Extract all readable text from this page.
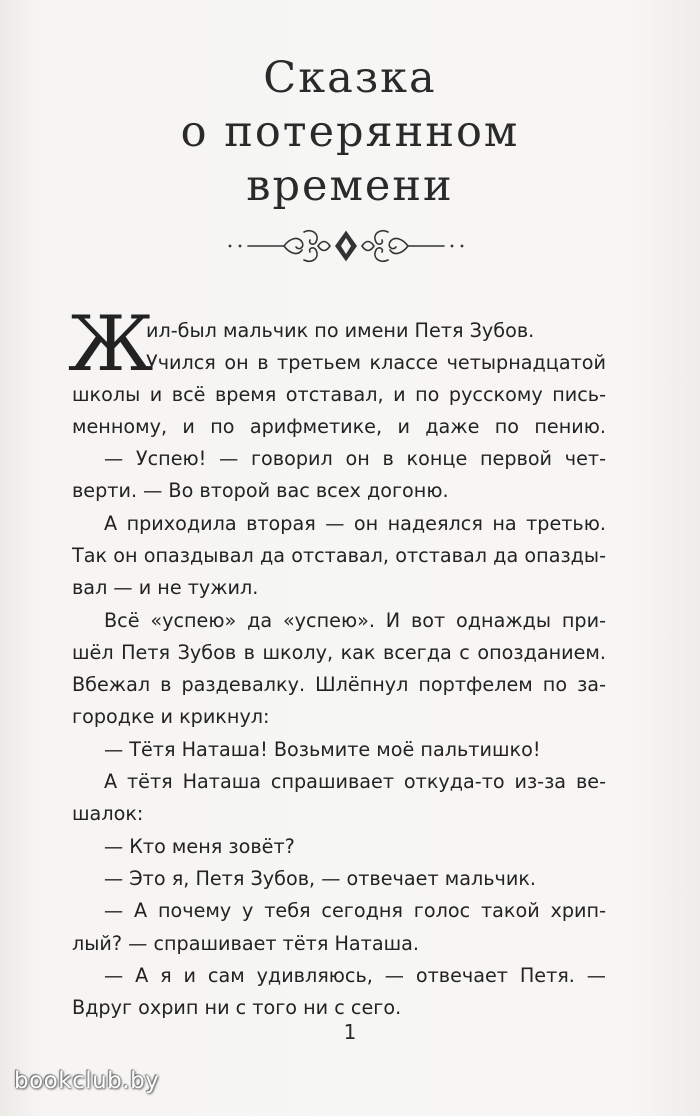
Сказка
о потерянном
времени
Ж
ил-был мальчик по имени Петя Зубов.
Учился он в третьем классе четырнадцатой
школы и всё время отставал, и по русскому пись-
менному, и по арифметике, и даже по пению.
— Успею! — говорил он в конце первой чет-
верти. — Во второй вас всех догоню.
А приходила вторая — он надеялся на третью.
Так он опаздывал да отставал, отставал да опазды-
вал — и не тужил.
Всё «успею» да «успею». И вот однажды при-
шёл Петя Зубов в школу, как всегда с опозданием.
Вбежал в раздевалку. Шлёпнул портфелем по за-
городке и крикнул:
— Тётя Наташа! Возьмите моё пальтишко!
А тётя Наташа спрашивает откуда-то из-за ве-
шалок:
— Кто меня зовёт?
— Это я, Петя Зубов, — отвечает мальчик.
— А почему у тебя сегодня голос такой хрип-
лый? — спрашивает тётя Наташа.
— А я и сам удивляюсь, — отвечает Петя. —
Вдруг охрип ни с того ни с сего.
1
bookclub.by
